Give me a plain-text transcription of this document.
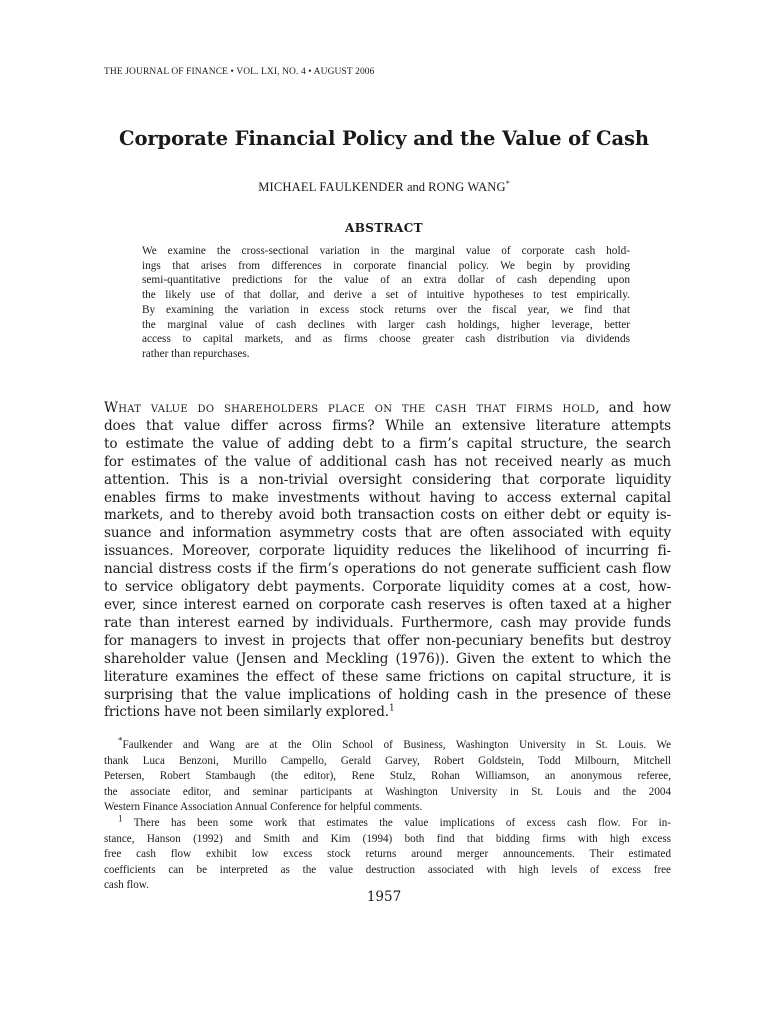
THE JOURNAL OF FINANCE • VOL. LXI, NO. 4 • AUGUST 2006
Corporate Financial Policy and the Value of Cash
MICHAEL FAULKENDER and RONG WANG*
ABSTRACT
We examine the cross-sectional variation in the marginal value of corporate cash hold-
ings that arises from differences in corporate financial policy. We begin by providing
semi-quantitative predictions for the value of an extra dollar of cash depending upon
the likely use of that dollar, and derive a set of intuitive hypotheses to test empirically.
By examining the variation in excess stock returns over the fiscal year, we find that
the marginal value of cash declines with larger cash holdings, higher leverage, better
access to capital markets, and as firms choose greater cash distribution via dividends
rather than repurchases.
What value do shareholders place on the cash that firms hold, and how
does that value differ across firms? While an extensive literature attempts
to estimate the value of adding debt to a firm’s capital structure, the search
for estimates of the value of additional cash has not received nearly as much
attention. This is a non-trivial oversight considering that corporate liquidity
enables firms to make investments without having to access external capital
markets, and to thereby avoid both transaction costs on either debt or equity is-
suance and information asymmetry costs that are often associated with equity
issuances. Moreover, corporate liquidity reduces the likelihood of incurring fi-
nancial distress costs if the firm’s operations do not generate sufficient cash flow
to service obligatory debt payments. Corporate liquidity comes at a cost, how-
ever, since interest earned on corporate cash reserves is often taxed at a higher
rate than interest earned by individuals. Furthermore, cash may provide funds
for managers to invest in projects that offer non-pecuniary benefits but destroy
shareholder value (Jensen and Meckling (1976)). Given the extent to which the
literature examines the effect of these same frictions on capital structure, it is
surprising that the value implications of holding cash in the presence of these
frictions have not been similarly explored.$^1$
*Faulkender and Wang are at the Olin School of Business, Washington University in St. Louis. We
thank Luca Benzoni, Murillo Campello, Gerald Garvey, Robert Goldstein, Todd Milbourn, Mitchell
Petersen, Robert Stambaugh (the editor), Rene Stulz, Rohan Williamson, an anonymous referee,
the associate editor, and seminar participants at Washington University in St. Louis and the 2004
Western Finance Association Annual Conference for helpful comments.
$^1$ There has been some work that estimates the value implications of excess cash flow. For in-
stance, Hanson (1992) and Smith and Kim (1994) both find that bidding firms with high excess
free cash flow exhibit low excess stock returns around merger announcements. Their estimated
coefficients can be interpreted as the value destruction associated with high levels of excess free
cash flow.
1957
